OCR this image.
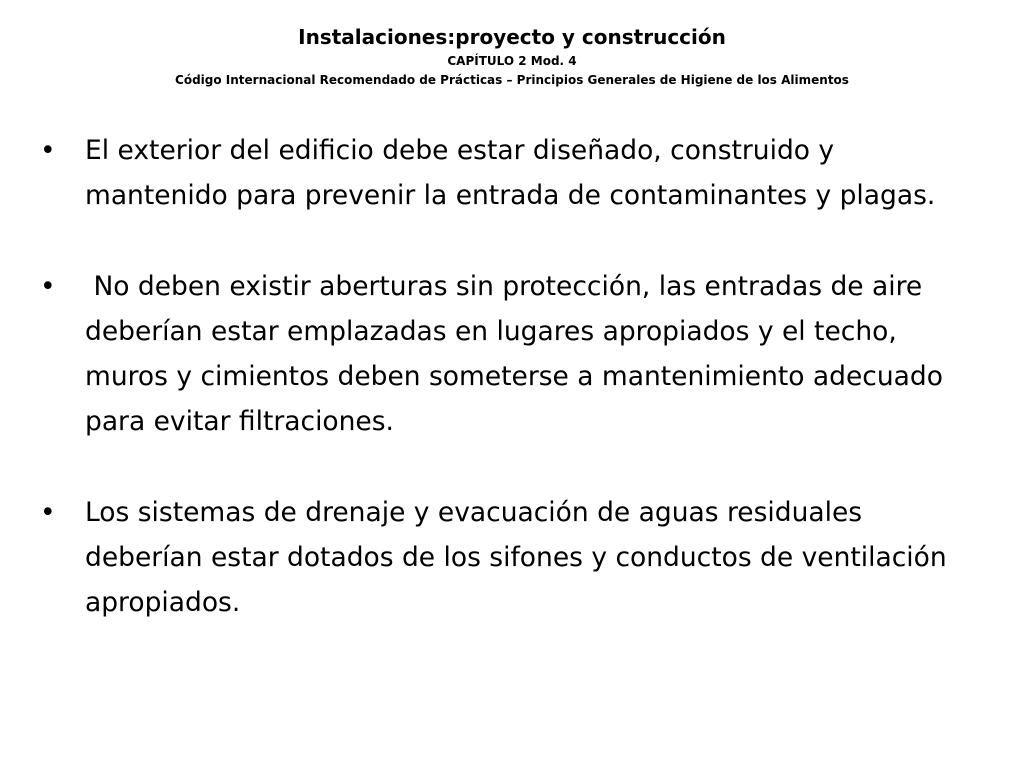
Instalaciones:proyecto y construcción

CAPÍTULO 2 Mod. 4

Código Internacional Recomendado de Prácticas – Principios Generales de Higiene de los Alimentos

• El exterior del edificio debe estar diseñado, construido y mantenido para prevenir la entrada de contaminantes y plagas.
• No deben existir aberturas sin protección, las entradas de aire deberían estar emplazadas en lugares apropiados y el techo, muros y cimientos deben someterse a mantenimiento adecuado para evitar filtraciones.
• Los sistemas de drenaje y evacuación de aguas residuales deberían estar dotados de los sifones y conductos de ventilación apropiados.
